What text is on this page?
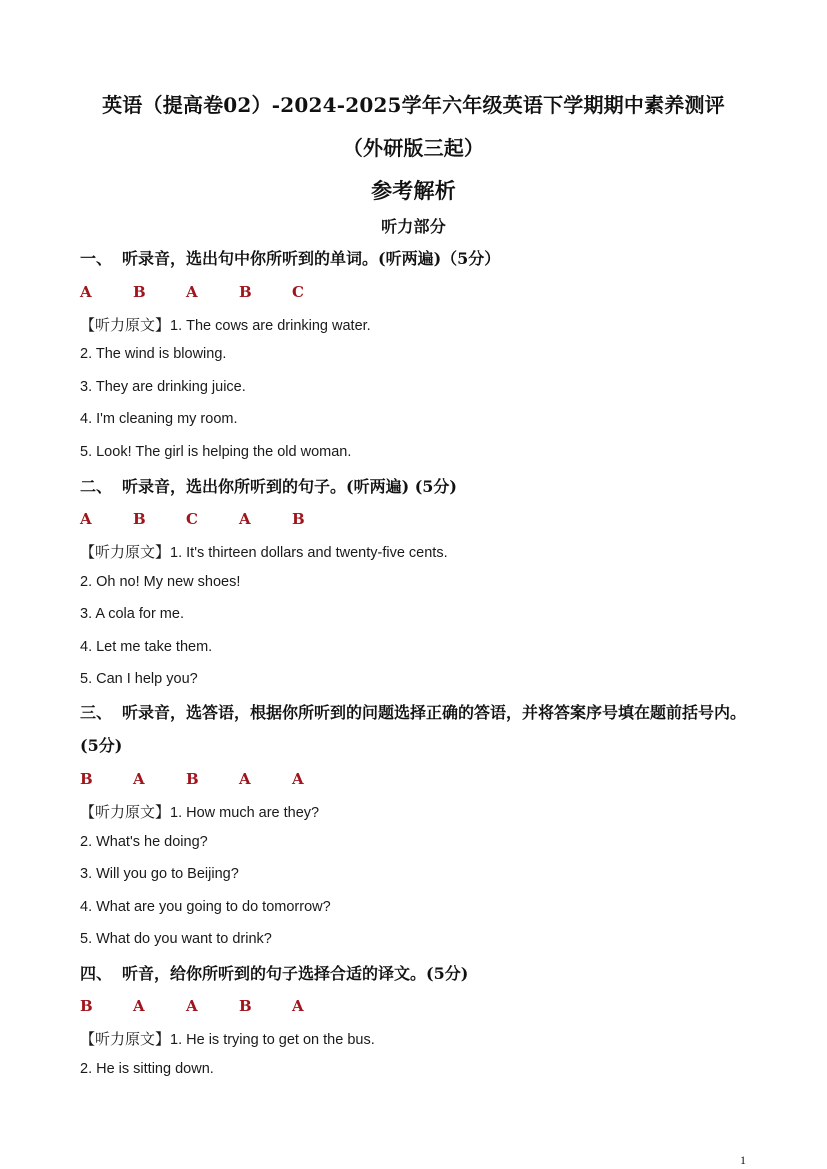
英语（提高卷02）-2024-2025学年六年级英语下学期期中素养测评
（外研版三起）
参考解析
听力部分
一、 听录音，选出句中你所听到的单词。(听两遍)（5分）
A	B	A	B	C
【听力原文】1. The cows are drinking water.
2. The wind is blowing.
3. They are drinking juice.
4. I'm cleaning my room.
5. Look! The girl is helping the old woman.
二、 听录音，选出你所听到的句子。(听两遍) (5分)
A	B	C	A	B
【听力原文】1. It's thirteen dollars and twenty-five cents.
2. Oh no! My new shoes!
3. A cola for me.
4. Let me take them.
5. Can I help you?
三、 听录音，选答语，根据你所听到的问题选择正确的答语，并将答案序号填在题前括号内。(5分)
B	A	B	A	A
【听力原文】1. How much are they?
2. What's he doing?
3. Will you go to Beijing?
4. What are you going to do tomorrow?
5. What do you want to drink?
四、 听音，给你所听到的句子选择合适的译文。(5分)
B	A	A	B	A
【听力原文】1. He is trying to get on the bus.
2. He is sitting down.
1
